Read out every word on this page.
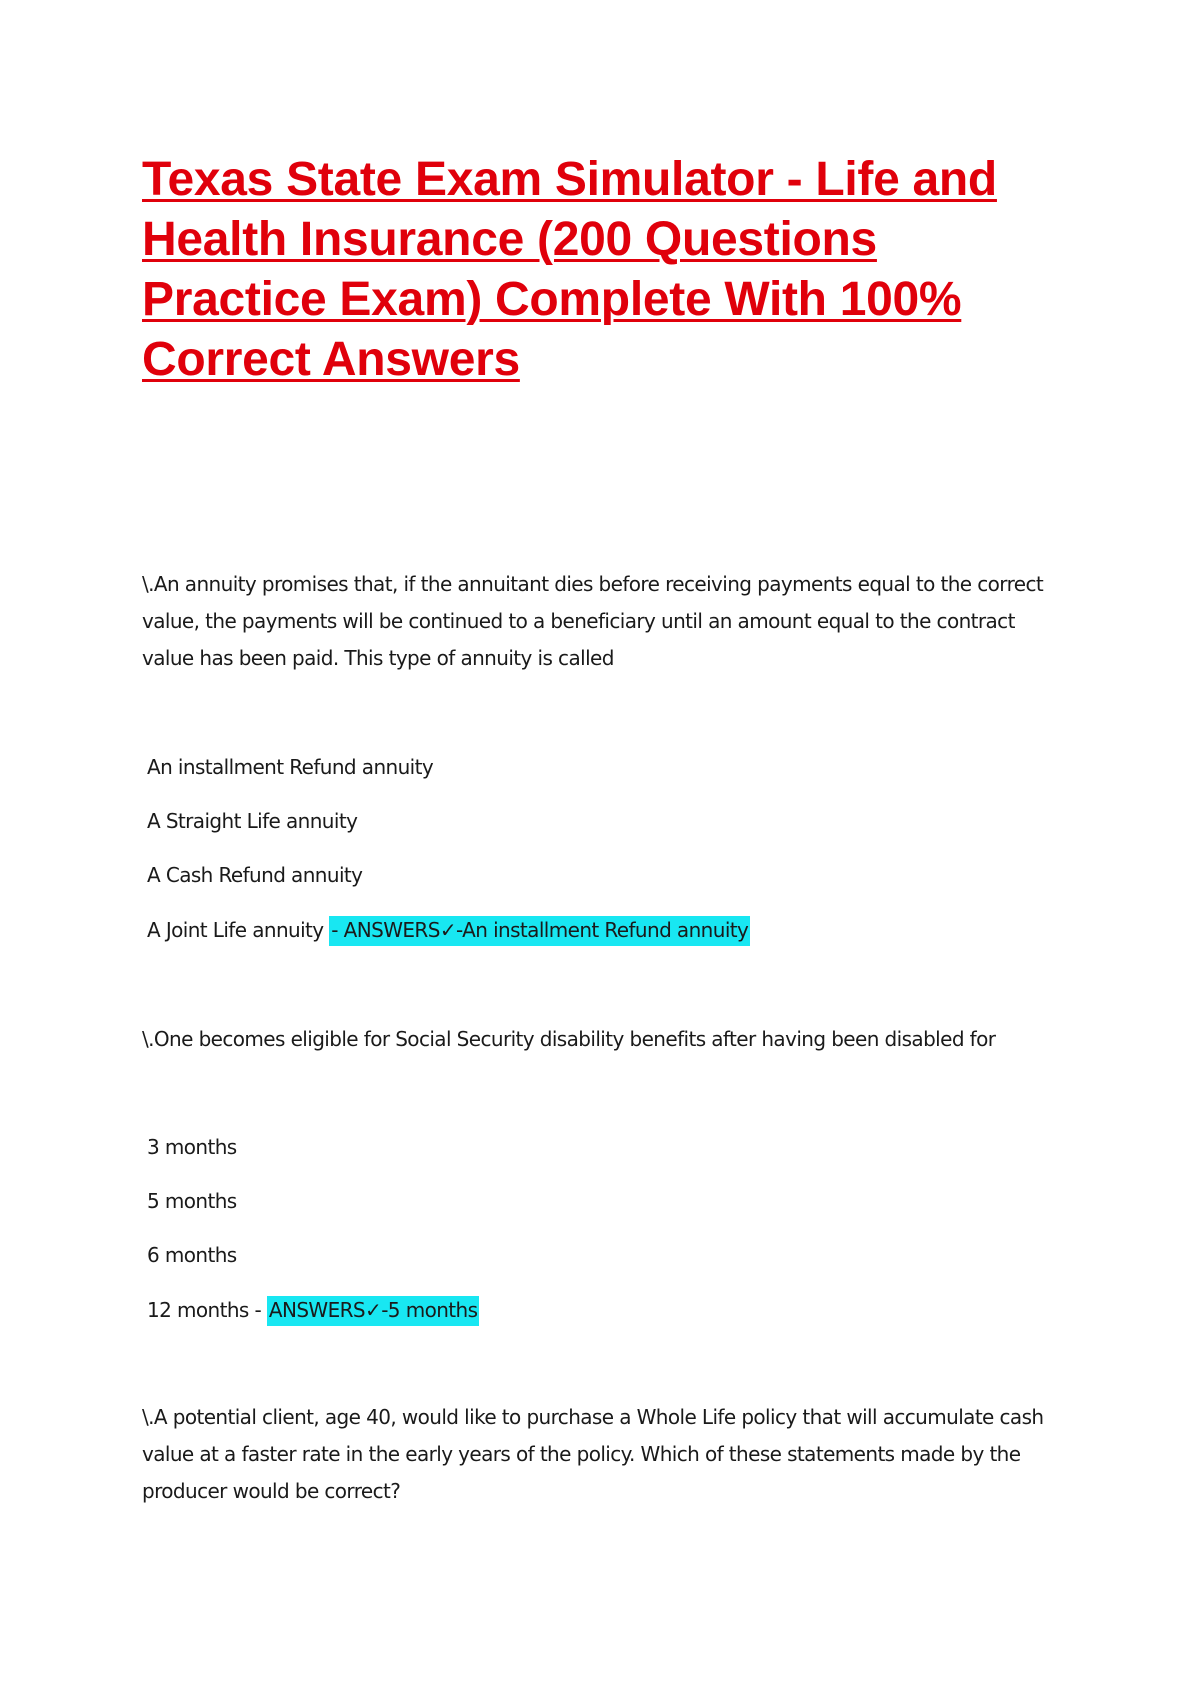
Texas State Exam Simulator - Life and Health Insurance (200 Questions Practice Exam) Complete With 100% Correct Answers

\.An annuity promises that, if the annuitant dies before receiving payments equal to the correct value, the payments will be continued to a beneficiary until an amount equal to the contract value has been paid. This type of annuity is called

An installment Refund annuity
A Straight Life annuity
A Cash Refund annuity
A Joint Life annuity - ANSWERS✓-An installment Refund annuity

\.One becomes eligible for Social Security disability benefits after having been disabled for

3 months
5 months
6 months
12 months - ANSWERS✓-5 months

\.A potential client, age 40, would like to purchase a Whole Life policy that will accumulate cash value at a faster rate in the early years of the policy. Which of these statements made by the producer would be correct?
